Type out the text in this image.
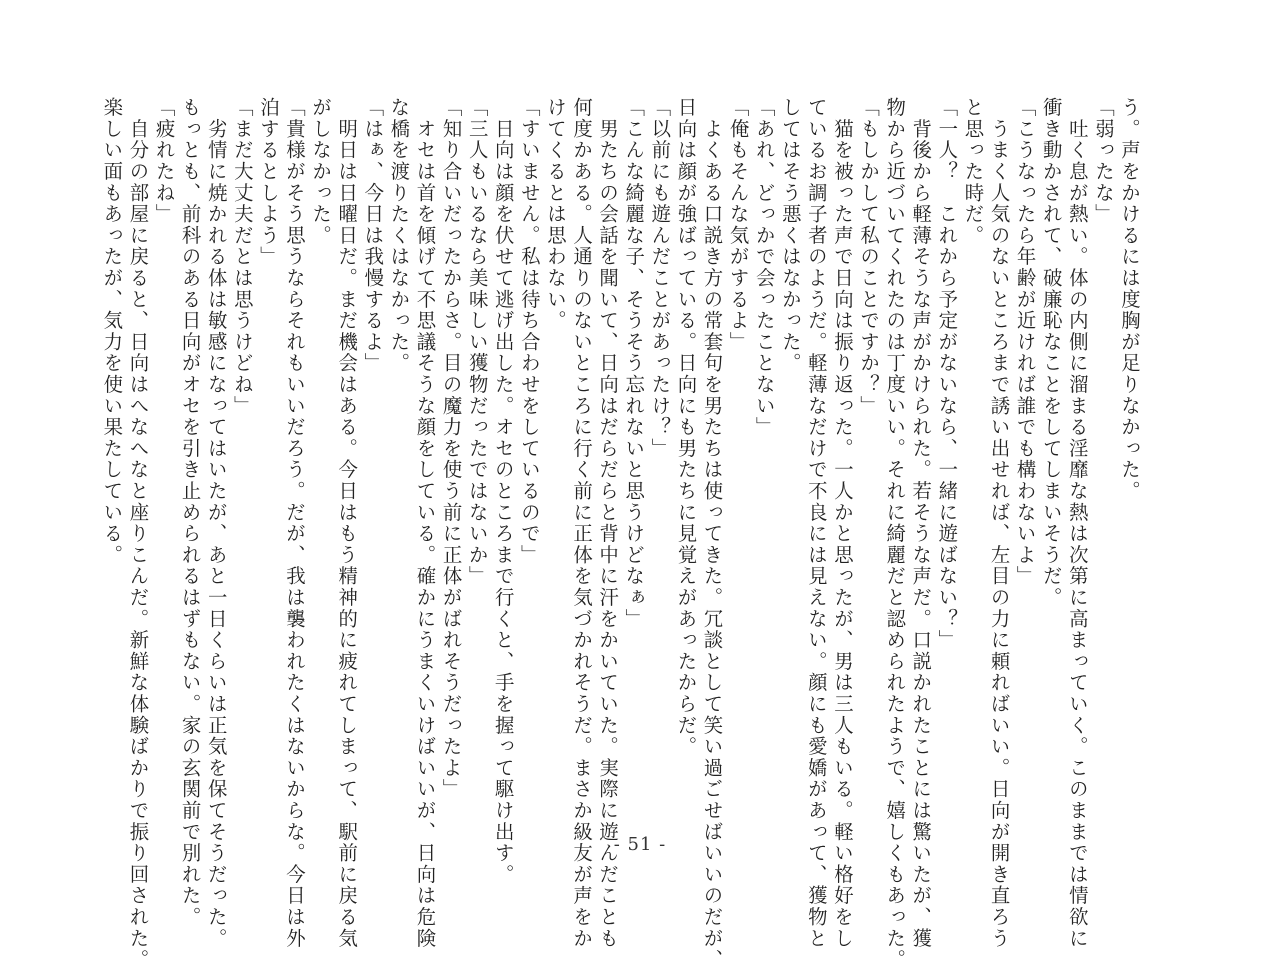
う。声をかけるには度胸が足りなかった。
「弱ったな」
　吐く息が熱い。体の内側に溜まる淫靡な熱は次第に高まっていく。このままでは情欲に
衝き動かされて、破廉恥なことをしてしまいそうだ。
「こうなったら年齢が近ければ誰でも構わないよ」
　うまく人気のないところまで誘い出せれば、左目の力に頼ればいい。日向が開き直ろう
と思った時だ。
「一人？　これから予定がないなら、一緒に遊ばない？」
　背後から軽薄そうな声がかけられた。若そうな声だ。口説かれたことには驚いたが、獲
物から近づいてくれたのは丁度いい。それに綺麗だと認められたようで、嬉しくもあった。
「もしかして私のことですか？」
　猫を被った声で日向は振り返った。一人かと思ったが、男は三人もいる。軽い格好をし
ているお調子者のようだ。軽薄なだけで不良には見えない。顔にも愛嬌があって、獲物と
してはそう悪くはなかった。
「あれ、どっかで会ったことない」
「俺もそんな気がするよ」
　よくある口説き方の常套句を男たちは使ってきた。冗談として笑い過ごせばいいのだが、
日向は顔が強ばっている。日向にも男たちに見覚えがあったからだ。
「以前にも遊んだことがあったけ？」
「こんな綺麗な子、そうそう忘れないと思うけどなぁ」
　男たちの会話を聞いて、日向はだらだらと背中に汗をかいていた。実際に遊んだことも
何度かある。人通りのないところに行く前に正体を気づかれそうだ。まさか級友が声をか
けてくるとは思わない。
「すいません。私は待ち合わせをしているので」
　日向は顔を伏せて逃げ出した。オセのところまで行くと、手を握って駆け出す。
「三人もいるなら美味しい獲物だったではないか」
「知り合いだったからさ。目の魔力を使う前に正体がばれそうだったよ」
　オセは首を傾げて不思議そうな顔をしている。確かにうまくいけばいいが、日向は危険
な橋を渡りたくはなかった。
「はぁ、今日は我慢するよ」
　明日は日曜日だ。まだ機会はある。今日はもう精神的に疲れてしまって、駅前に戻る気
がしなかった。
「貴様がそう思うならそれもいいだろう。だが、我は襲われたくはないからな。今日は外
泊するとしよう」
「まだ大丈夫だとは思うけどね」
　劣情に焼かれる体は敏感になってはいたが、あと一日くらいは正気を保てそうだった。
もっとも、前科のある日向がオセを引き止められるはずもない。家の玄関前で別れた。
「疲れたね」
　自分の部屋に戻ると、日向はへなへなと座りこんだ。新鮮な体験ばかりで振り回された。
楽しい面もあったが、気力を使い果たしている。
- 51 -
